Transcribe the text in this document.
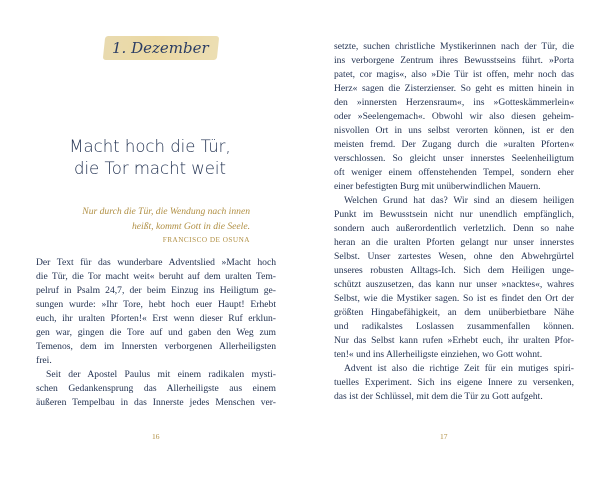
1. Dezember
Macht hoch die Tür,
die Tor macht weit
Nur durch die Tür, die Wendung nach innen
heißt, kommt Gott in die Seele.
FRANCISCO DE OSUNA
Der Text für das wunderbare Adventslied »Macht hoch
die Tür, die Tor macht weit« beruht auf dem uralten Tem-
pelruf in Psalm 24,7, der beim Einzug ins Heiligtum ge-
sungen wurde: »Ihr Tore, hebt hoch euer Haupt! Erhebt
euch, ihr uralten Pforten!« Erst wenn dieser Ruf erklun-
gen war, gingen die Tore auf und gaben den Weg zum
Temenos, dem im Innersten verborgenen Allerheiligsten
frei.
Seit der Apostel Paulus mit einem radikalen mysti-
schen Gedankensprung das Allerheiligste aus einem
äußeren Tempelbau in das Innerste jedes Menschen ver-
16
setzte, suchen christliche Mystikerinnen nach der Tür, die
ins verborgene Zentrum ihres Bewusstseins führt. »Porta
patet, cor magis«, also »Die Tür ist offen, mehr noch das
Herz« sagen die Zisterzienser. So geht es mitten hinein in
den »innersten Herzensraum«, ins »Gotteskämmerlein«
oder »Seelengemach«. Obwohl wir also diesen geheim-
nisvollen Ort in uns selbst verorten können, ist er den
meisten fremd. Der Zugang durch die »uralten Pforten«
verschlossen. So gleicht unser innerstes Seelenheiligtum
oft weniger einem offenstehenden Tempel, sondern eher
einer befestigten Burg mit unüberwindlichen Mauern.
Welchen Grund hat das? Wir sind an diesem heiligen
Punkt im Bewusstsein nicht nur unendlich empfänglich,
sondern auch außerordentlich verletzlich. Denn so nahe
heran an die uralten Pforten gelangt nur unser innerstes
Selbst. Unser zartestes Wesen, ohne den Abwehrgürtel
unseres robusten Alltags-Ich. Sich dem Heiligen unge-
schützt auszusetzen, das kann nur unser »nacktes«, wahres
Selbst, wie die Mystiker sagen. So ist es findet den Ort der
größten Hingabefähigkeit, an dem unüberbietbare Nähe
und radikalstes Loslassen zusammenfallen können.
Nur das Selbst kann rufen »Erhebt euch, ihr uralten Pfor-
ten!« und ins Allerheiligste einziehen, wo Gott wohnt.
Advent ist also die richtige Zeit für ein mutiges spiri-
tuelles Experiment. Sich ins eigene Innere zu versenken,
das ist der Schlüssel, mit dem die Tür zu Gott aufgeht.
17
